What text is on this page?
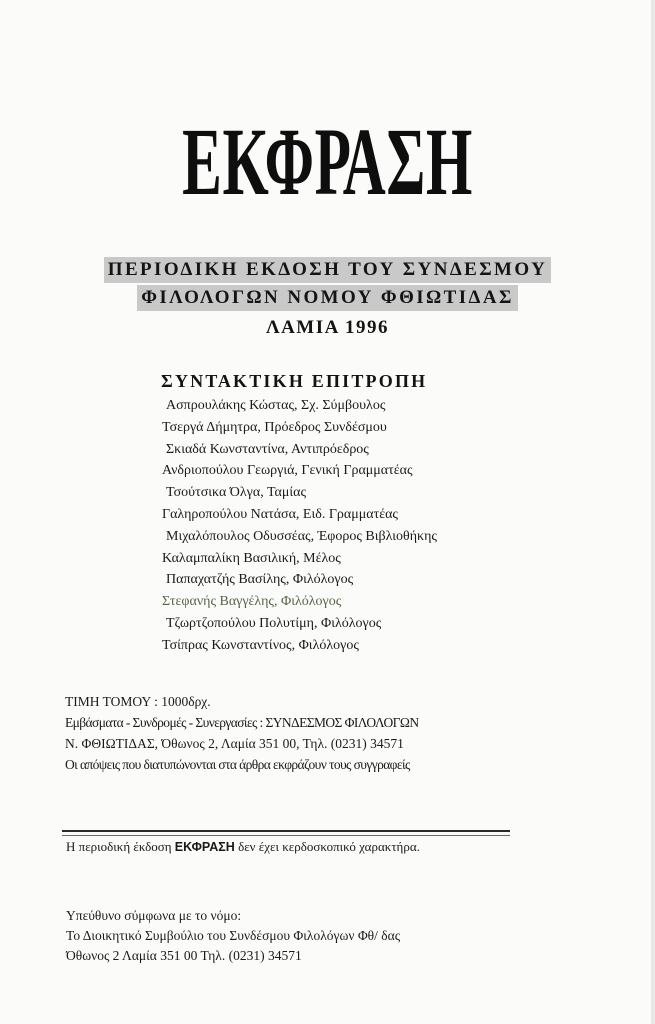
ΕΚΦΡΑΣΗ
ΠΕΡΙΟΔΙΚΗ ΕΚΔΟΣΗ ΤΟΥ ΣΥΝΔΕΣΜΟΥ
ΦΙΛΟΛΟΓΩΝ ΝΟΜΟΥ ΦΘΙΩΤΙΔΑΣ
ΛΑΜΙΑ 1996
ΣΥΝΤΑΚΤΙΚΗ ΕΠΙΤΡΟΠΗ
Ασπρουλάκης Κώστας, Σχ. Σύμβουλος
Τσεργά Δήμητρα, Πρόεδρος Συνδέσμου
Σκιαδά Κωνσταντίνα, Αντιπρόεδρος
Ανδριοπούλου Γεωργιά, Γενική Γραμματέας
Τσούτσικα Όλγα, Ταμίας
Γαληροπούλου Νατάσα, Ειδ. Γραμματέας
Μιχαλόπουλος Οδυσσέας, Έφορος Βιβλιοθήκης
Καλαμπαλίκη Βασιλική, Μέλος
Παπαχατζής Βασίλης, Φιλόλογος
Στεφανής Βαγγέλης, Φιλόλογος
Τζωρτζοπούλου Πολυτίμη, Φιλόλογος
Τσίπρας Κωνσταντίνος, Φιλόλογος
ΤΙΜΗ ΤΟΜΟΥ : 1000δρχ.
Εμβάσματα - Συνδρομές - Συνεργασίες : ΣΥΝΔΕΣΜΟΣ ΦΙΛΟΛΟΓΩΝ
Ν. ΦΘΙΩΤΙΔΑΣ, Όθωνος 2, Λαμία 351 00, Τηλ. (0231) 34571
Οι απόψεις που διατυπώνονται στα άρθρα εκφράζουν τους συγγραφείς
Η περιοδική έκδοση ΕΚΦΡΑΣΗ δεν έχει κερδοσκοπικό χαρακτήρα.
Υπεύθυνο σύμφωνα με το νόμο:
Το Διοικητικό Συμβούλιο του Συνδέσμου Φιλολόγων Φθ/ δας
Όθωνος 2 Λαμία 351 00 Τηλ. (0231) 34571
